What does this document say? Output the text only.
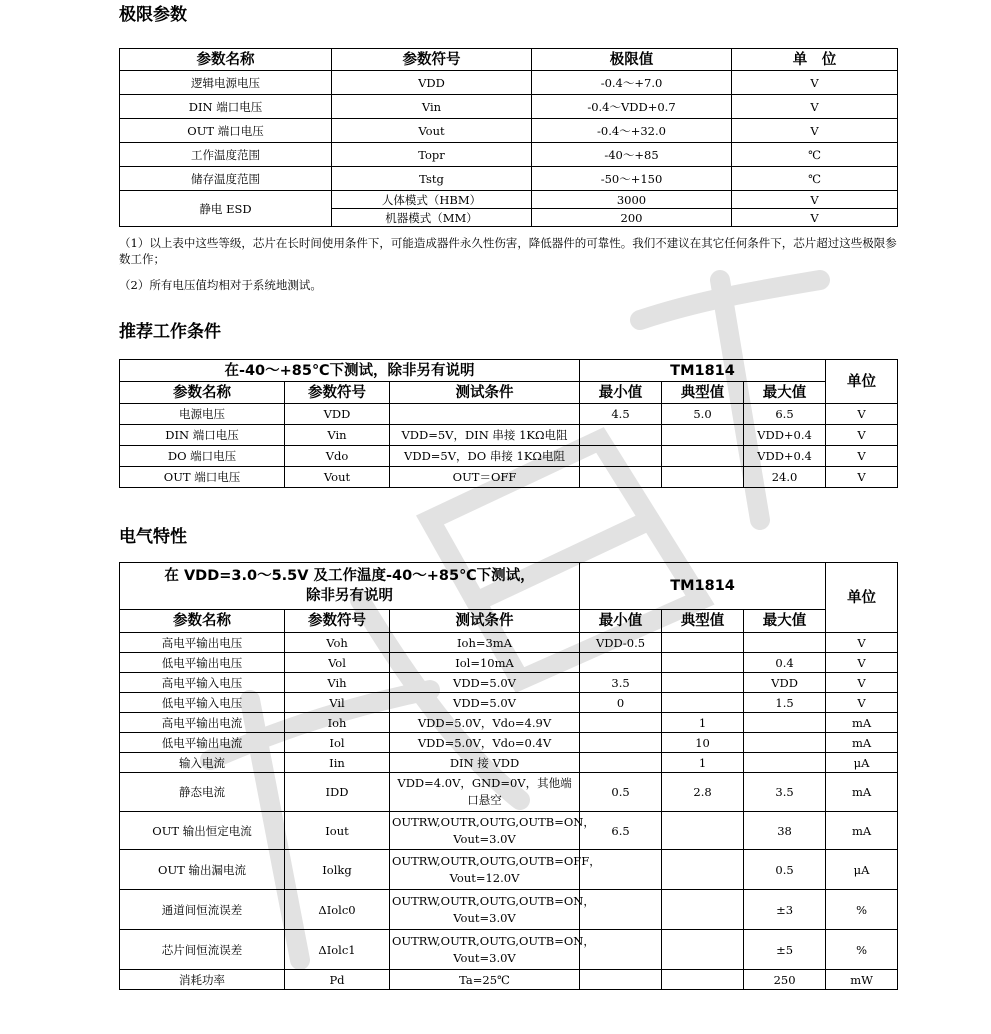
极限参数
参数名称	参数符号	极限值	单　位
逻辑电源电压	VDD	-0.4～+7.0	V
DIN 端口电压	Vin	-0.4～VDD+0.7	V
OUT 端口电压	Vout	-0.4～+32.0	V
工作温度范围	Topr	-40～+85	℃
储存温度范围	Tstg	-50～+150	℃
静电 ESD	人体模式（HBM）	3000	V
	机器模式（MM）	200	V

（1）以上表中这些等级，芯片在长时间使用条件下，可能造成器件永久性伤害，降低器件的可靠性。我们不建议在其它任何条件下，芯片超过这些极限参数工作；

（2）所有电压值均相对于系统地测试。

推荐工作条件
在-40～+85℃下测试，除非另有说明			TM1814			单位
参数名称	参数符号	测试条件	最小值	典型值	最大值	
电源电压	VDD		4.5	5.0	6.5	V
DIN 端口电压	Vin	VDD=5V，DIN 串接 1KΩ电阻			VDD+0.4	V
DO 端口电压	Vdo	VDD=5V，DO 串接 1KΩ电阻			VDD+0.4	V
OUT 端口电压	Vout	OUT＝OFF			24.0	V
电气特性
在 VDD=3.0～5.5V 及工作温度-40～+85℃下测试，
除非另有说明			TM1814			单位
参数名称	参数符号	测试条件	最小值	典型值	最大值	
高电平输出电压	Voh	Ioh=3mA	VDD-0.5			V
低电平输出电压	Vol	Iol=10mA			0.4	V
高电平输入电压	Vih	VDD=5.0V	3.5		VDD	V
低电平输入电压	Vil	VDD=5.0V	0		1.5	V
高电平输出电流	Ioh	VDD=5.0V，Vdo=4.9V		1		mA
低电平输出电流	Iol	VDD=5.0V，Vdo=0.4V		10		mA
输入电流	Iin	DIN 接 VDD		1		μA
静态电流	IDD	VDD=4.0V，GND=0V，其他端口悬空	0.5	2.8	3.5	mA
OUT 输出恒定电流	Iout	OUTRW,OUTR,OUTG,OUTB=ON，Vout=3.0V	6.5		38	mA
OUT 输出漏电流	Iolkg	OUTRW,OUTR,OUTG,OUTB=OFF，Vout=12.0V			0.5	μA
通道间恒流误差	ΔIolc0	OUTRW,OUTR,OUTG,OUTB=ON，Vout=3.0V			±3	%
芯片间恒流误差	ΔIolc1	OUTRW,OUTR,OUTG,OUTB=ON，Vout=3.0V			±5	%
消耗功率	Pd	Ta=25℃			250	mW
